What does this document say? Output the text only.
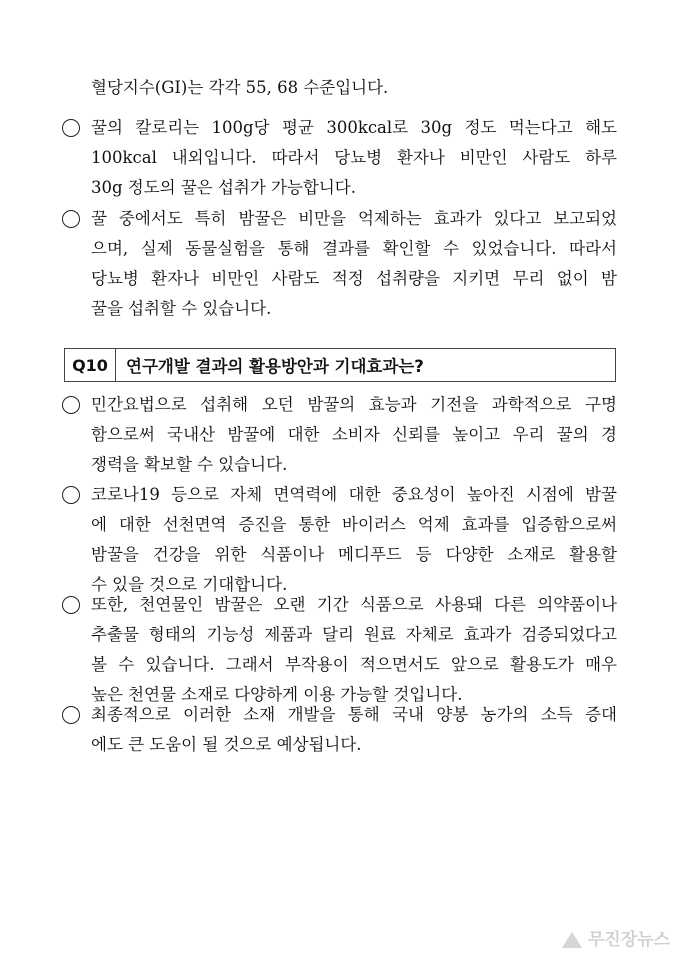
혈당지수(GI)는 각각 55, 68 수준입니다.
꿀의 칼로리는 100g당 평균 300kcal로 30g 정도 먹는다고 해도
100kcal 내외입니다. 따라서 당뇨병 환자나 비만인 사람도 하루
30g 정도의 꿀은 섭취가 가능합니다.
꿀 중에서도 특히 밤꿀은 비만을 억제하는 효과가 있다고 보고되었
으며, 실제 동물실험을 통해 결과를 확인할 수 있었습니다. 따라서
당뇨병 환자나 비만인 사람도 적정 섭취량을 지키면 무리 없이 밤
꿀을 섭취할 수 있습니다.
Q10	연구개발 결과의 활용방안과 기대효과는?
민간요법으로 섭취해 오던 밤꿀의 효능과 기전을 과학적으로 구명
함으로써 국내산 밤꿀에 대한 소비자 신뢰를 높이고 우리 꿀의 경
쟁력을 확보할 수 있습니다.
코로나19 등으로 자체 면역력에 대한 중요성이 높아진 시점에 밤꿀
에 대한 선천면역 증진을 통한 바이러스 억제 효과를 입증함으로써
밤꿀을 건강을 위한 식품이나 메디푸드 등 다양한 소재로 활용할
수 있을 것으로 기대합니다.
또한, 천연물인 밤꿀은 오랜 기간 식품으로 사용돼 다른 의약품이나
추출물 형태의 기능성 제품과 달리 원료 자체로 효과가 검증되었다고
볼 수 있습니다. 그래서 부작용이 적으면서도 앞으로 활용도가 매우
높은 천연물 소재로 다양하게 이용 가능할 것입니다.
최종적으로 이러한 소재 개발을 통해 국내 양봉 농가의 소득 증대
에도 큰 도움이 될 것으로 예상됩니다.
무진장뉴스
